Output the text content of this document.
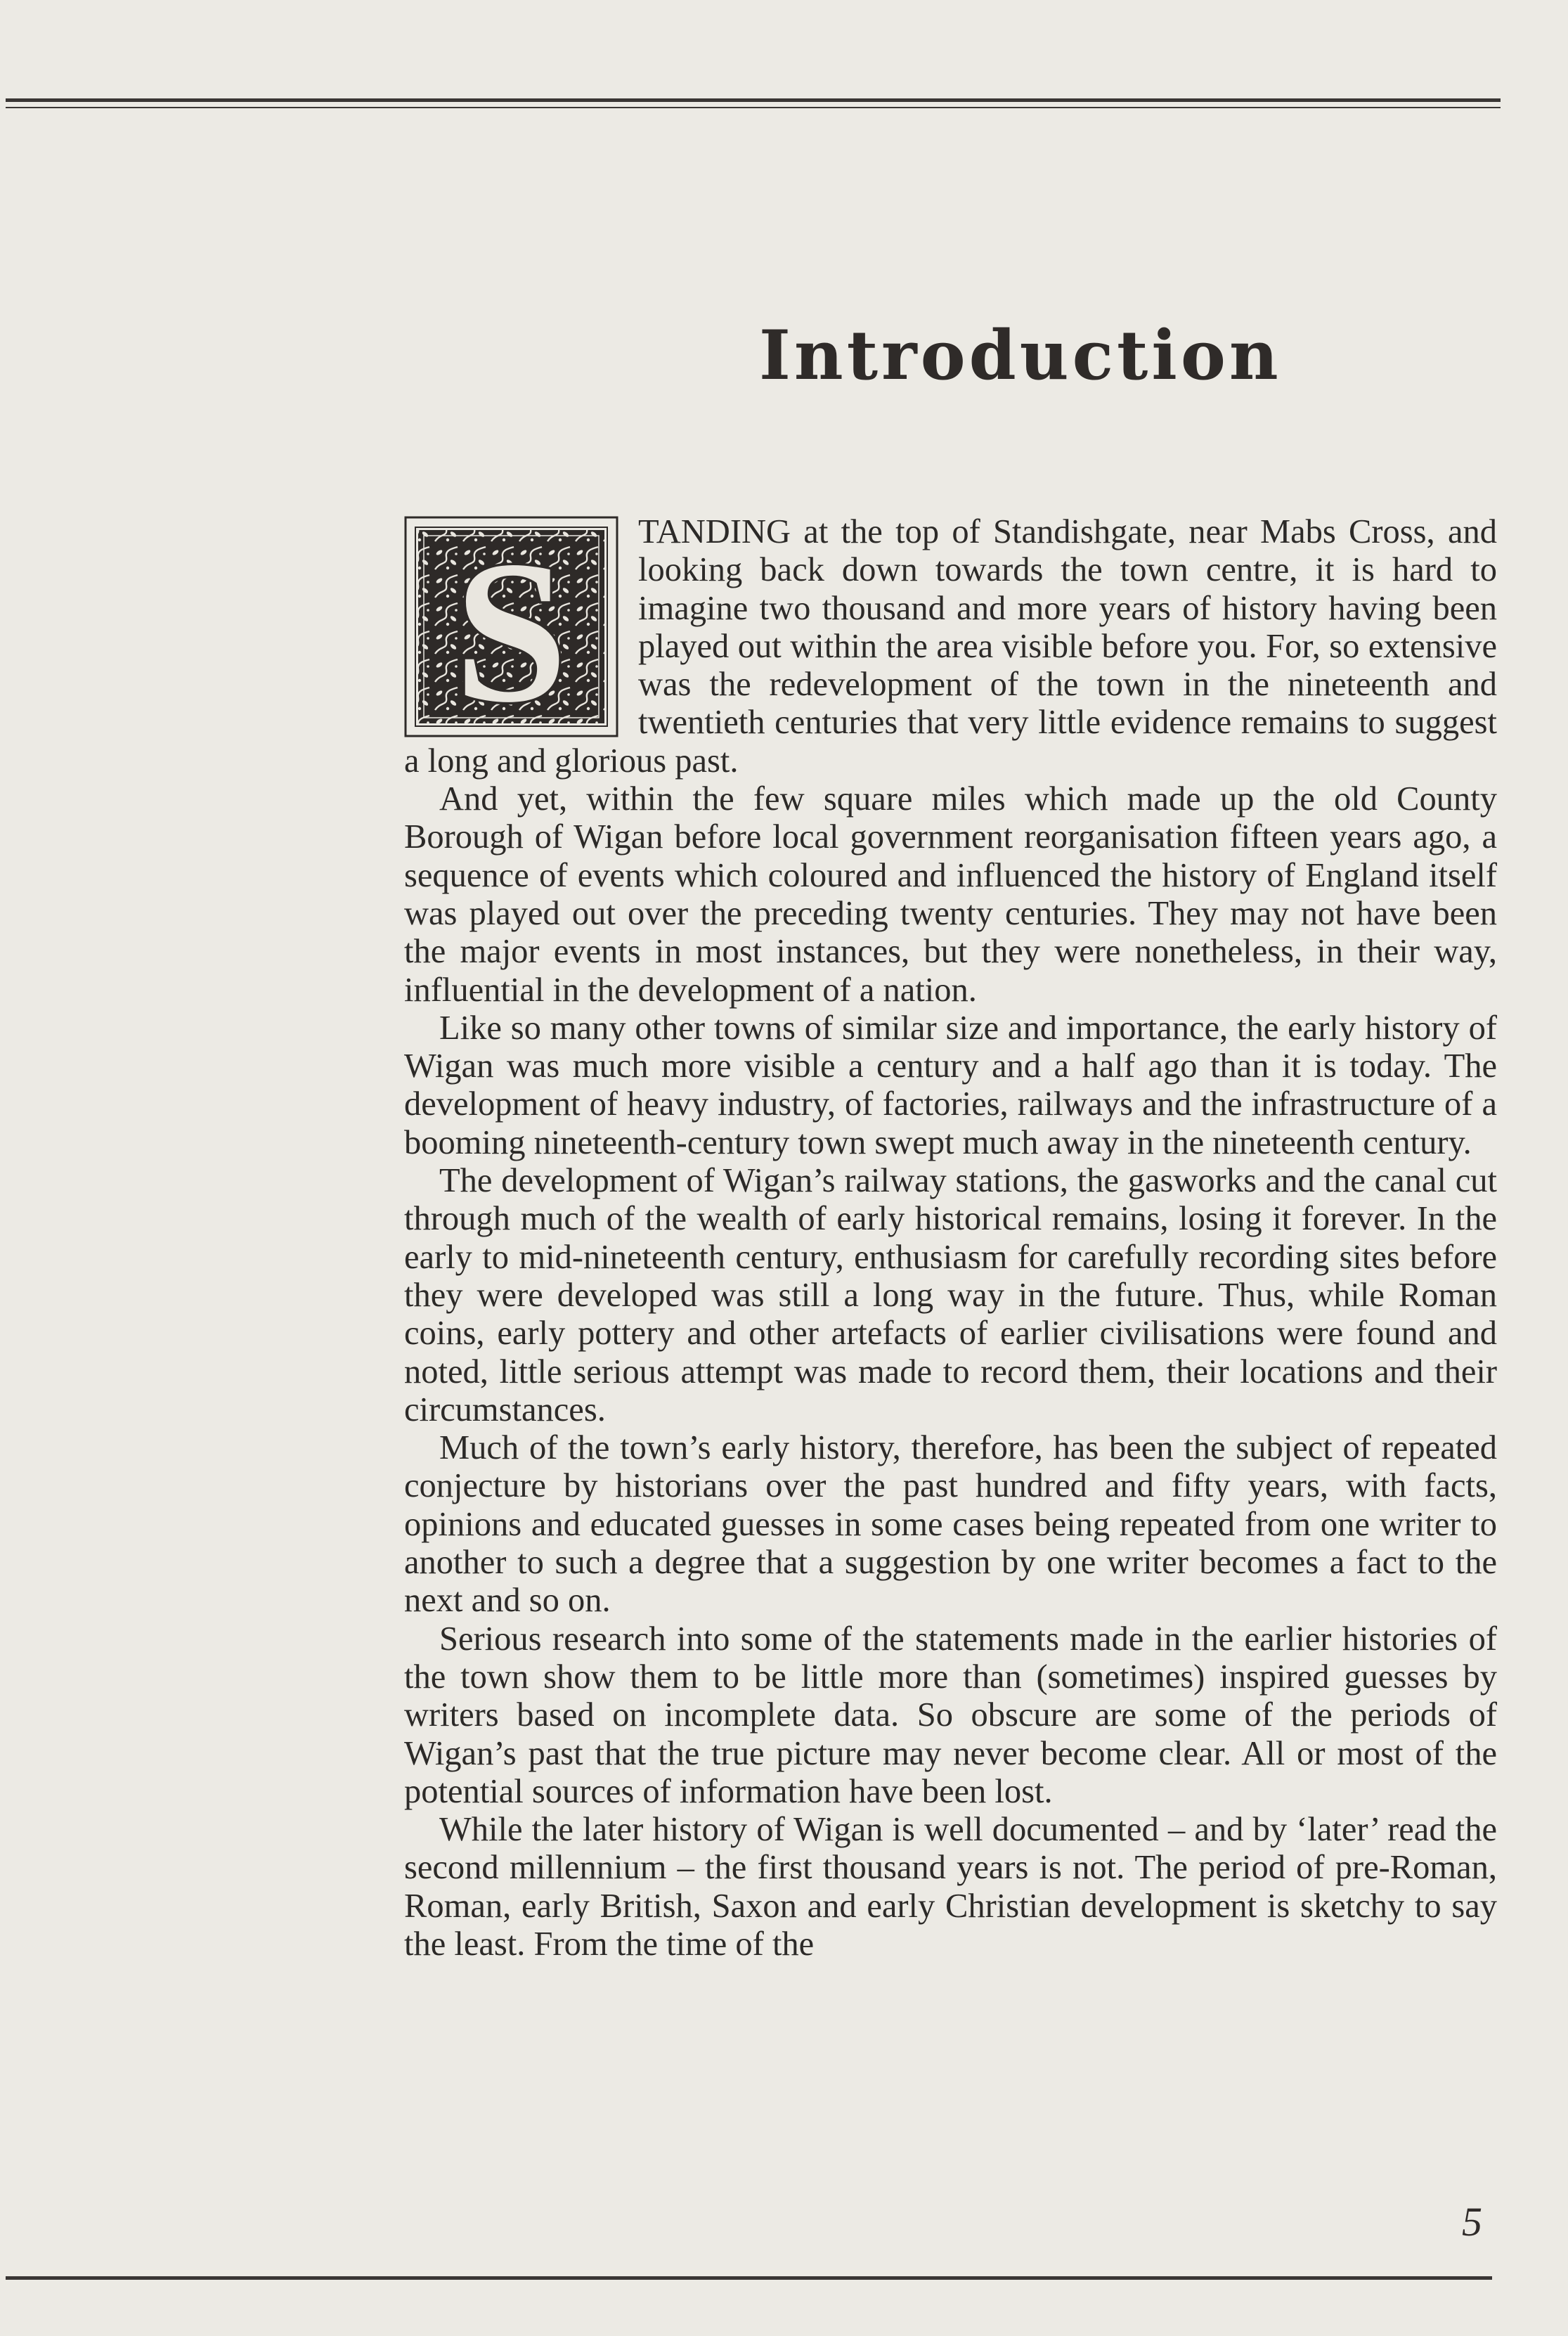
Introduction

S TANDING at the top of Standishgate, near Mabs Cross, and looking back down towards the town centre, it is hard to imagine two thousand and more years of history having been played out within the area visible before you. For, so extensive was the redevelopment of the town in the nineteenth and twentieth centuries that very little evidence remains to suggest a long and glorious past.

And yet, within the few square miles which made up the old County Borough of Wigan before local government reorganisation fifteen years ago, a sequence of events which coloured and influenced the history of England itself was played out over the preceding twenty centuries. They may not have been the major events in most instances, but they were nonetheless, in their way, influential in the development of a nation.

Like so many other towns of similar size and importance, the early history of Wigan was much more visible a century and a half ago than it is today. The development of heavy industry, of factories, railways and the infrastructure of a booming nineteenth-century town swept much away in the nineteenth century.

The development of Wigan’s railway stations, the gasworks and the canal cut through much of the wealth of early historical remains, losing it forever. In the early to mid-nineteenth century, enthusiasm for carefully recording sites before they were developed was still a long way in the future. Thus, while Roman coins, early pottery and other artefacts of earlier civilisations were found and noted, little serious attempt was made to record them, their locations and their circumstances.

Much of the town’s early history, therefore, has been the subject of repeated conjecture by historians over the past hundred and fifty years, with facts, opinions and educated guesses in some cases being repeated from one writer to another to such a degree that a suggestion by one writer becomes a fact to the next and so on.

Serious research into some of the statements made in the earlier histories of the town show them to be little more than (sometimes) inspired guesses by writers based on incomplete data. So obscure are some of the periods of Wigan’s past that the true picture may never become clear. All or most of the potential sources of information have been lost.

While the later history of Wigan is well documented – and by ‘later’ read the second millennium – the first thousand years is not. The period of pre-Roman, Roman, early British, Saxon and early Christian development is sketchy to say the least. From the time of the

5
